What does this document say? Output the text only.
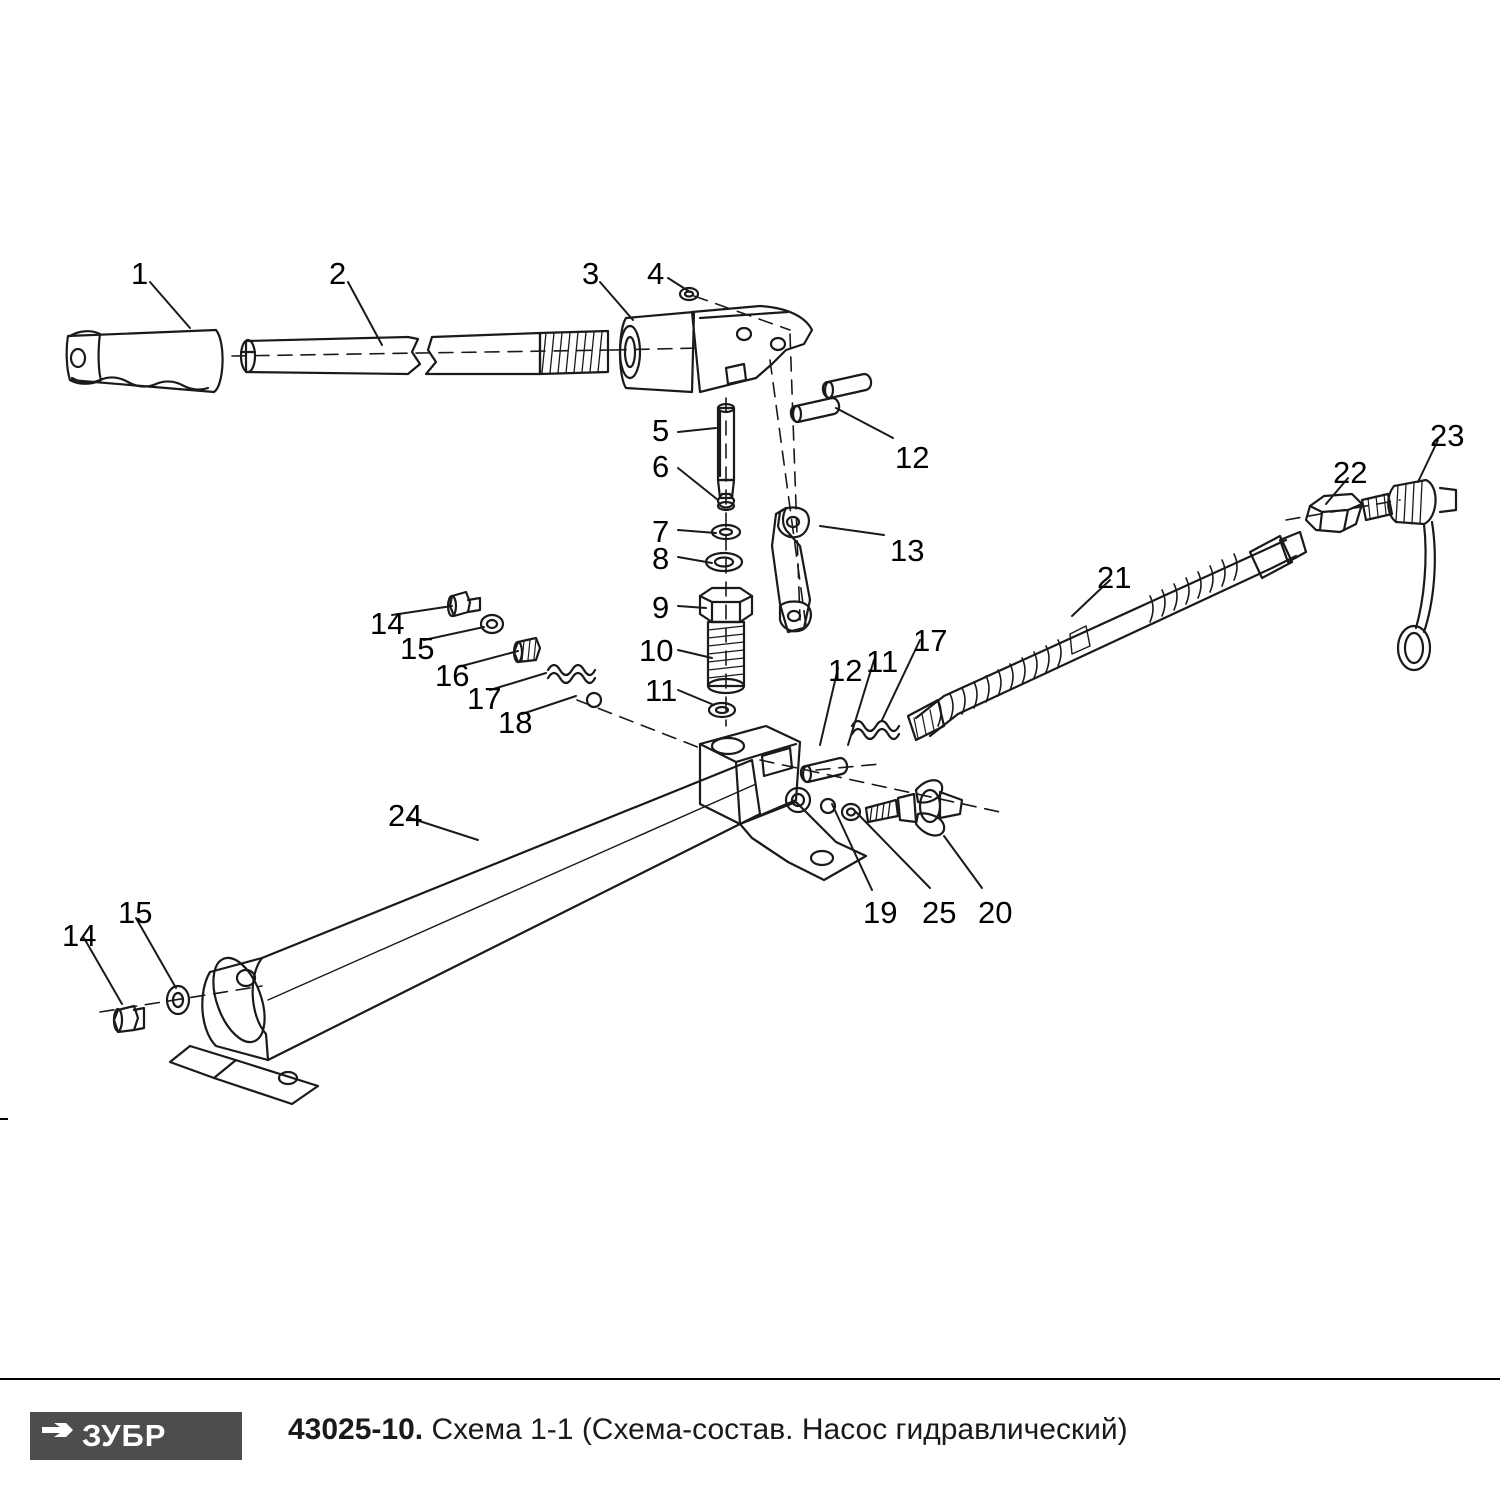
1	2	3 4
5
6
7
8
9
10
11
12
13
14
15
16
17
18
12 11
17
19 25 20
21
22
23
24
14
15
ЗУБР	43025-10. Схема 1-1 (Схема-состав. Насос гидравлический)
